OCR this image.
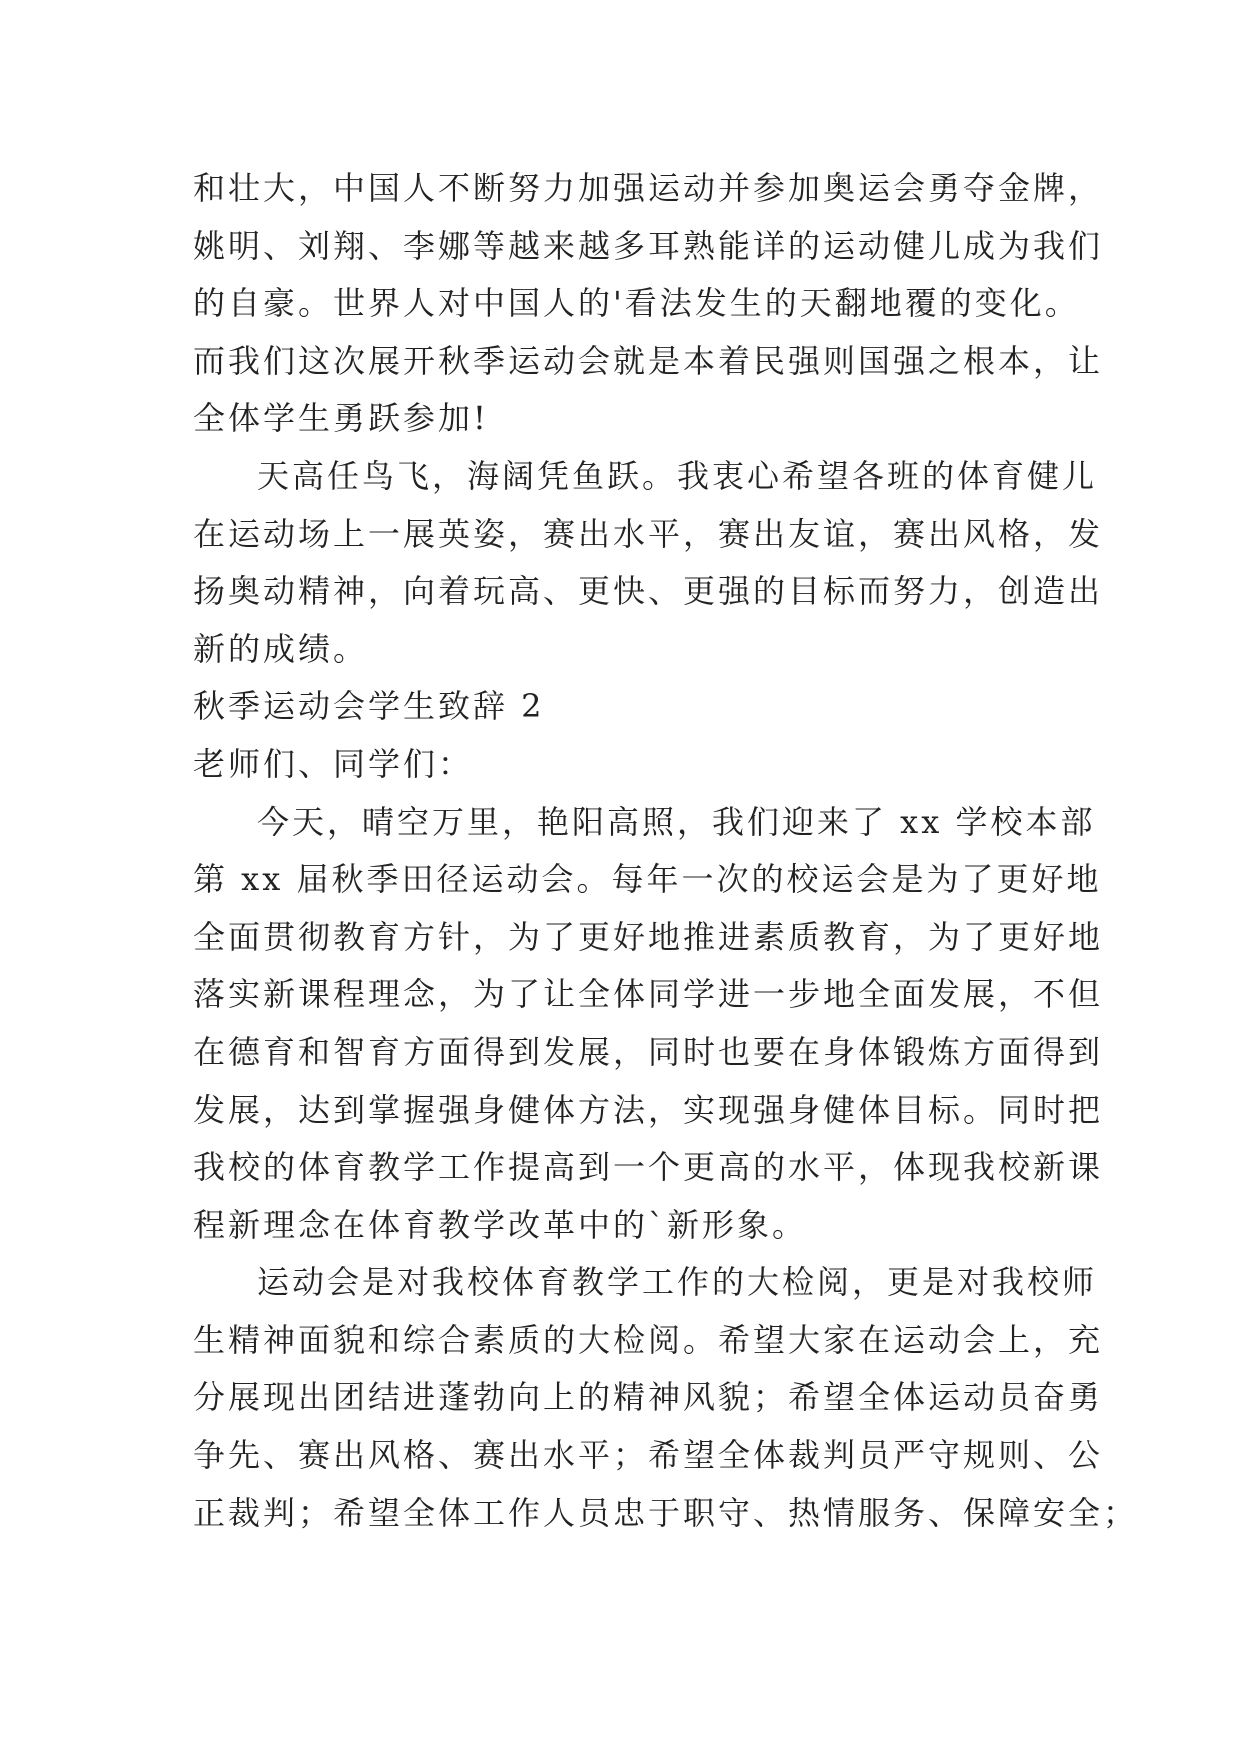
和壮大，中国人不断努力加强运动并参加奥运会勇夺金牌，
姚明、刘翔、李娜等越来越多耳熟能详的运动健儿成为我们
的自豪。世界人对中国人的'看法发生的天翻地覆的变化。
而我们这次展开秋季运动会就是本着民强则国强之根本，让
全体学生勇跃参加!
天高任鸟飞，海阔凭鱼跃。我衷心希望各班的体育健儿
在运动场上一展英姿，赛出水平，赛出友谊，赛出风格，发
扬奥动精神，向着玩高、更快、更强的目标而努力，创造出
新的成绩。
秋季运动会学生致辞 2
老师们、同学们：
今天，晴空万里，艳阳高照，我们迎来了 xx 学校本部
第 xx 届秋季田径运动会。每年一次的校运会是为了更好地
全面贯彻教育方针，为了更好地推进素质教育，为了更好地
落实新课程理念，为了让全体同学进一步地全面发展，不但
在德育和智育方面得到发展，同时也要在身体锻炼方面得到
发展，达到掌握强身健体方法，实现强身健体目标。同时把
我校的体育教学工作提高到一个更高的水平，体现我校新课
程新理念在体育教学改革中的`新形象。
运动会是对我校体育教学工作的大检阅，更是对我校师
生精神面貌和综合素质的大检阅。希望大家在运动会上，充
分展现出团结进蓬勃向上的精神风貌；希望全体运动员奋勇
争先、赛出风格、赛出水平；希望全体裁判员严守规则、公
正裁判；希望全体工作人员忠于职守、热情服务、保障安全；
